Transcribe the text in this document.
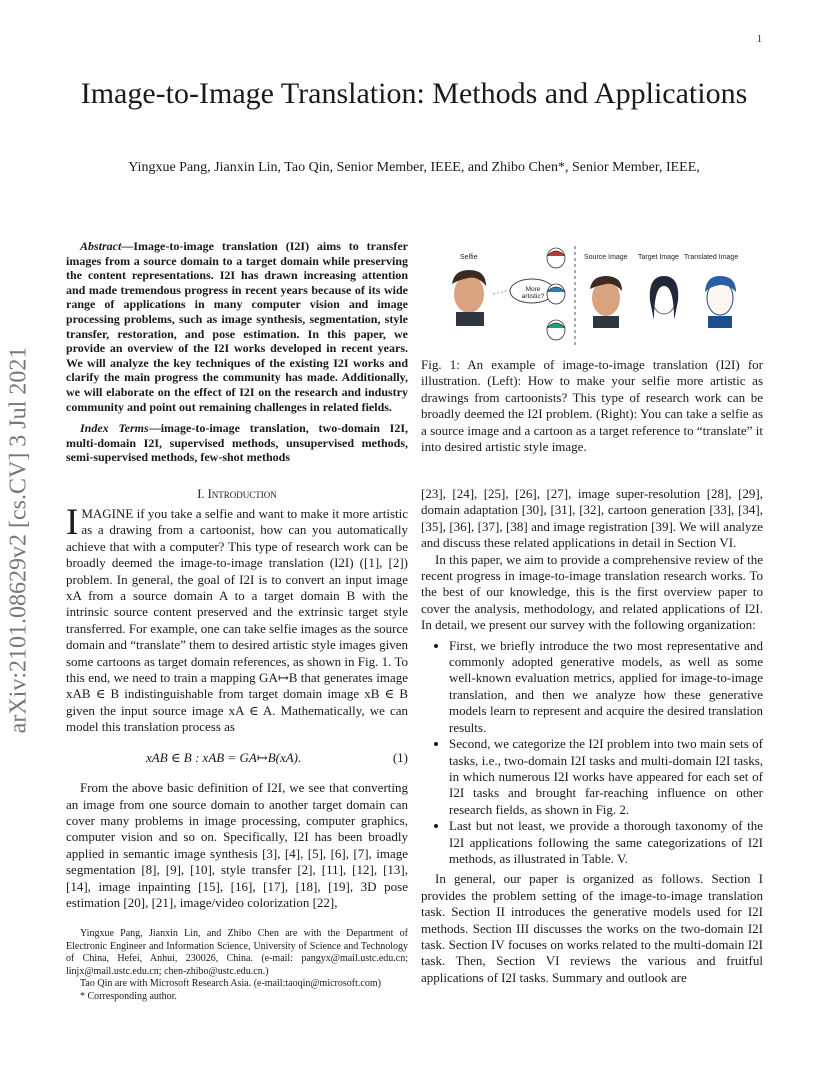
1
arXiv:2101.08629v2 [cs.CV] 3 Jul 2021
Image-to-Image Translation: Methods and Applications
Yingxue Pang, Jianxin Lin, Tao Qin, Senior Member, IEEE, and Zhibo Chen*, Senior Member, IEEE,

Abstract—Image-to-image translation (I2I) aims to transfer images from a source domain to a target domain while preserving the content representations. I2I has drawn increasing attention and made tremendous progress in recent years because of its wide range of applications in many computer vision and image processing problems, such as image synthesis, segmentation, style transfer, restoration, and pose estimation. In this paper, we provide an overview of the I2I works developed in recent years. We will analyze the key techniques of the existing I2I works and clarify the main progress the community has made. Additionally, we will elaborate on the effect of I2I on the research and industry community and point out remaining challenges in related fields.

Index Terms—image-to-image translation, two-domain I2I, multi-domain I2I, supervised methods, unsupervised methods, semi-supervised methods, few-shot methods

I. Introduction

IMAGINE if you take a selfie and want to make it more artistic as a drawing from a cartoonist, how can you automatically achieve that with a computer? This type of research work can be broadly deemed the image-to-image translation (I2I) ([1], [2]) problem. In general, the goal of I2I is to convert an input image xA from a source domain A to a target domain B with the intrinsic source content preserved and the extrinsic target style transferred. For example, one can take selfie images as the source domain and “translate” them to desired artistic style images given some cartoons as target domain references, as shown in Fig. 1. To this end, we need to train a mapping GA↦B that generates image xAB ∈ B indistinguishable from target domain image xB ∈ B given the input source image xA ∈ A. Mathematically, we can model this translation process as

xAB ∈ B : xAB = GA↦B(xA).	(1)

From the above basic definition of I2I, we see that converting an image from one source domain to another target domain can cover many problems in image processing, computer graphics, computer vision and so on. Specifically, I2I has been broadly applied in semantic image synthesis [3], [4], [5], [6], [7], image segmentation [8], [9], [10], style transfer [2], [11], [12], [13], [14], image inpainting [15], [16], [17], [18], [19], 3D pose estimation [20], [21], image/video colorization [22],

Yingxue Pang, Jianxin Lin, and Zhibo Chen are with the Department of Electronic Engineer and Information Science, University of Science and Technology of China, Hefei, Anhui, 230026, China. (e-mail: pangyx@mail.ustc.edu.cn; linjx@mail.ustc.edu.cn; chen-zhibo@ustc.edu.cn.)

Tao Qin are with Microsoft Research Asia. (e-mail:taoqin@microsoft.com)

* Corresponding author.

Selfie
More artistic?
Source Image Target Image Translated Image
Fig. 1: An example of image-to-image translation (I2I) for illustration. (Left): How to make your selfie more artistic as drawings from cartoonists? This type of research work can be broadly deemed the I2I problem. (Right): You can take a selfie as a source image and a cartoon as a target reference to “translate” it into desired artistic style image.

[23], [24], [25], [26], [27], image super-resolution [28], [29], domain adaptation [30], [31], [32], cartoon generation [33], [34], [35], [36], [37], [38] and image registration [39]. We will analyze and discuss these related applications in detail in Section VI.

In this paper, we aim to provide a comprehensive review of the recent progress in image-to-image translation research works. To the best of our knowledge, this is the first overview paper to cover the analysis, methodology, and related applications of I2I. In detail, we present our survey with the following organization:

• First, we briefly introduce the two most representative and commonly adopted generative models, as well as some well-known evaluation metrics, applied for image-to-image translation, and then we analyze how these generative models learn to represent and acquire the desired translation results.
• Second, we categorize the I2I problem into two main sets of tasks, i.e., two-domain I2I tasks and multi-domain I2I tasks, in which numerous I2I works have appeared for each set of I2I tasks and brought far-reaching influence on other research fields, as shown in Fig. 2.
• Last but not least, we provide a thorough taxonomy of the I2I applications following the same categorizations of I2I methods, as illustrated in Table. V.

In general, our paper is organized as follows. Section I provides the problem setting of the image-to-image translation task. Section II introduces the generative models used for I2I methods. Section III discusses the works on the two-domain I2I task. Section IV focuses on works related to the multi-domain I2I task. Then, Section VI reviews the various and fruitful applications of I2I tasks. Summary and outlook are
